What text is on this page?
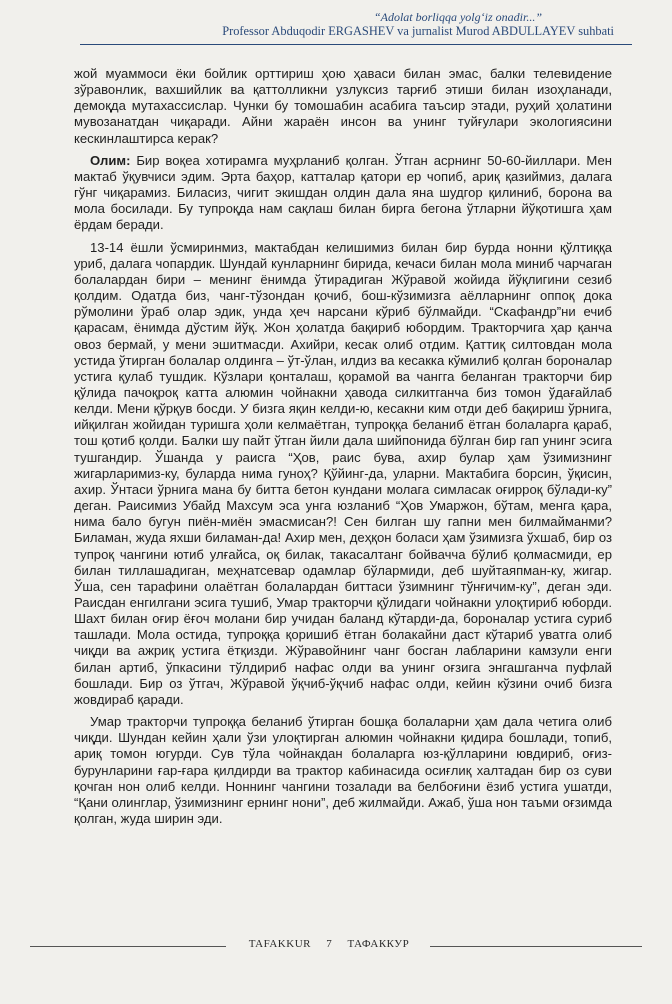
“Adolat borliqqa yolg‘iz onadir...”
Professor Abduqodir ERGASHEV va jurnalist Murod ABDULLAYEV suhbati

жой муаммоси ёки бойлик орттириш ҳою ҳаваси билан эмас, балки телевидение зўравонлик, вахшийлик ва қаттолликни узлуксиз тарғиб этиши билан изоҳланади, демоқда мутахассислар. Чунки бу томошабин асабига таъсир этади, руҳий ҳолатини мувозанатдан чиқаради. Айни жараён инсон ва унинг туйғулари экологиясини кескинлаштирса керак?

Олим: Бир воқеа хотирамга муҳрланиб қолган. Ўтган асрнинг 50-60-йиллари. Мен мактаб ўқувчиси эдим. Эрта баҳор, катталар қатори ер чопиб, ариқ қазиймиз, далага гўнг чиқарамиз. Биласиз, чигит экишдан олдин дала яна шудгор қилиниб, борона ва мола босилади. Бу тупроқда нам сақлаш билан бирга бегона ўтларни йўқотишга ҳам ёрдам беради.

13-14 ёшли ўсмиринмиз, мактабдан келишимиз билан бир бурда нонни қўлтиққа уриб, далага чопардик. Шундай кунларнинг бирида, кечаси билан мола миниб чарчаган болалардан бири – менинг ёнимда ўтирадиган Жўравой жойида йўқлигини сезиб қолдим. Одатда биз, чанг-тўзондан қочиб, бош-кўзимизга аёлларнинг оппоқ дока рўмолини ўраб олар эдик, унда ҳеч нарсани кўриб бўлмайди. “Скафандр”ни ечиб қарасам, ёнимда дўстим йўқ. Жон ҳолатда бақириб юбордим. Тракторчига ҳар қанча овоз бермай, у мени эшитмасди. Ахийри, кесак олиб отдим. Қаттиқ силтовдан мола устида ўтирган болалар олдинга – ўт-ўлан, илдиз ва кесакка кўмилиб қолган бороналар устига қулаб тушдик. Кўзлари қонталаш, қорамой ва чангга беланган тракторчи бир қўлида пачоқроқ катта алюмин чойнакни ҳавода силкитганча биз томон ўдағайлаб келди. Мени қўрқув босди. У бизга яқин келди-ю, кесакни ким отди деб бақириш ўрнига, ийқилган жойидан туришга ҳоли келмаётган, тупроққа беланиб ётган болаларга қараб, тош қотиб қолди. Балки шу пайт ўтган йили дала шийпонида бўлган бир гап унинг эсига тушгандир. Ўшанда у раисга “Ҳов, раис бува, ахир булар ҳам ўзимизнинг жигарларимиз-ку, буларда нима гуноҳ? Қўйинг-да, уларни. Мактабига борсин, ўқисин, ахир. Ўнтаси ўрнига мана бу битта бетон кундани молага симласак оғирроқ бўлади-ку” деган. Раисимиз Убайд Махсум эса унга юзланиб “Ҳов Умаржон, бўтам, менга қара, нима бало бугун пиён-миён эмасмисан?! Сен билган шу гапни мен билмайманми? Биламан, жуда яхши биламан-да! Ахир мен, деҳқон боласи ҳам ўзимизга ўхшаб, бир оз тупроқ чангини ютиб улғайса, оқ билак, такасалтанг бойвачча бўлиб қолмасмиди, ер билан тиллашадиган, меҳнатсевар одамлар бўлармиди, деб шуйтаяпман-ку, жигар. Ўша, сен тарафини олаётган болалардан биттаси ўзимнинг тўнғичим-ку”, деган эди. Раисдан енгилгани эсига тушиб, Умар тракторчи қўлидаги чойнакни улоқтириб юборди. Шахт билан оғир ёғоч молани бир учидан баланд кўтарди-да, бороналар устига суриб ташлади. Мола остида, тупроққа қоришиб ётган болакайни даст кўтариб уватга олиб чиқди ва ажриқ устига ётқизди. Жўравойнинг чанг босган лабларини камзули енги билан артиб, ўпкасини тўлдириб нафас олди ва унинг оғзига энгашганча пуфлай бошлади. Бир оз ўтгач, Жўравой ўқчиб-ўқчиб нафас олди, кейин кўзини очиб бизга жовдираб қаради.

Умар тракторчи тупроққа беланиб ўтирган бошқа болаларни ҳам дала четига олиб чиқди. Шундан кейин ҳали ўзи улоқтирган алюмин чойнакни қидира бошлади, топиб, ариқ томон югурди. Сув тўла чойнакдан болаларга юз-қўлларини ювдириб, оғиз-бурунларини ғар-ғара қилдирди ва трактор кабинасида осиғлиқ халтадан бир оз суви қочган нон олиб келди. Ноннинг чангини тозалади ва белбоғини ёзиб устига ушатди, “Қани олинглар, ўзимизнинг ернинг нони”, деб жилмайди. Ажаб, ўша нон таъми оғзимда қолган, жуда ширин эди.

TAFAKKUR 7 ТАФАККУР
